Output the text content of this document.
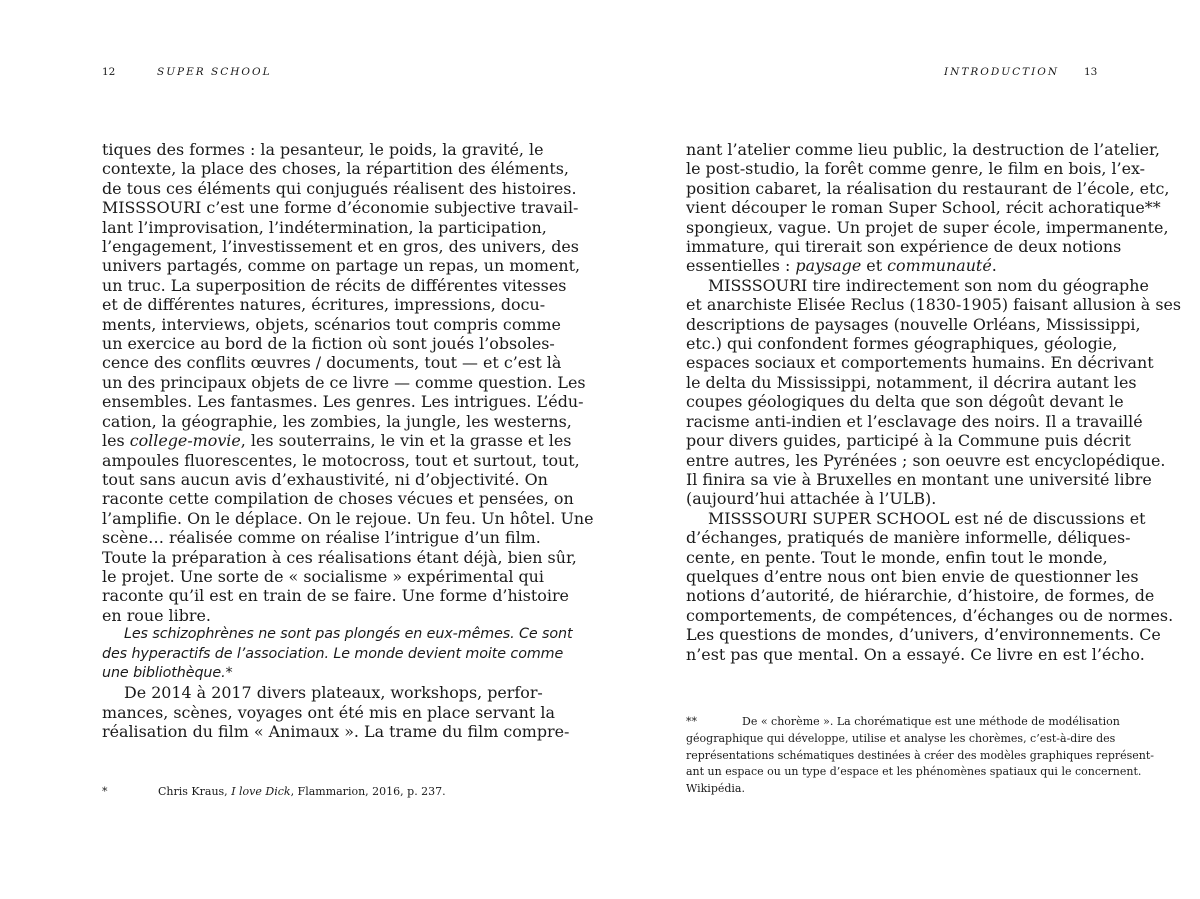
12	SUPER SCHOOL
tiques des formes : la pesanteur, le poids, la gravité, le
contexte, la place des choses, la répartition des éléments,
de tous ces éléments qui conjugués réalisent des histoires.
MISSSOURI c’est une forme d’économie subjective travail-
lant l’improvisation, l’indétermination, la participation,
l’engagement, l’investissement et en gros, des univers, des
univers partagés, comme on partage un repas, un moment,
un truc. La superposition de récits de différentes vitesses
et de différentes natures, écritures, impressions, docu-
ments, interviews, objets, scénarios tout compris comme
un exercice au bord de la fiction où sont joués l’obsoles-
cence des conflits œuvres / documents, tout — et c’est là
un des principaux objets de ce livre — comme question. Les
ensembles. Les fantasmes. Les genres. Les intrigues. L’édu-
cation, la géographie, les zombies, la jungle, les westerns,
les college-movie, les souterrains, le vin et la grasse et les
ampoules fluorescentes, le motocross, tout et surtout, tout,
tout sans aucun avis d’exhaustivité, ni d’objectivité. On
raconte cette compilation de choses vécues et pensées, on
l’amplifie. On le déplace. On le rejoue. Un feu. Un hôtel. Une
scène… réalisée comme on réalise l’intrigue d’un film.
Toute la préparation à ces réalisations étant déjà, bien sûr,
le projet. Une sorte de « socialisme » expérimental qui
raconte qu’il est en train de se faire. Une forme d’histoire
en roue libre.
Les schizophrènes ne sont pas plongés en eux-mêmes. Ce sont
des hyperactifs de l’association. Le monde devient moite comme
une bibliothèque.*
De 2014 à 2017 divers plateaux, workshops, perfor-
mances, scènes, voyages ont été mis en place servant la
réalisation du film « Animaux ». La trame du film compre-
*	Chris Kraus, I love Dick, Flammarion, 2016, p. 237.
INTRODUCTION 13
nant l’atelier comme lieu public, la destruction de l’atelier,
le post-studio, la forêt comme genre, le film en bois, l’ex-
position cabaret, la réalisation du restaurant de l’école, etc,
vient découper le roman Super School, récit achoratique**
spongieux, vague. Un projet de super école, impermanente,
immature, qui tirerait son expérience de deux notions
essentielles : paysage et communauté.
MISSSOURI tire indirectement son nom du géographe
et anarchiste Elisée Reclus (1830-1905) faisant allusion à ses
descriptions de paysages (nouvelle Orléans, Mississippi,
etc.) qui confondent formes géographiques, géologie,
espaces sociaux et comportements humains. En décrivant
le delta du Mississippi, notamment, il décrira autant les
coupes géologiques du delta que son dégoût devant le
racisme anti-indien et l’esclavage des noirs. Il a travaillé
pour divers guides, participé à la Commune puis décrit
entre autres, les Pyrénées ; son oeuvre est encyclopédique.
Il finira sa vie à Bruxelles en montant une université libre
(aujourd’hui attachée à l’ULB).
MISSSOURI SUPER SCHOOL est né de discussions et
d’échanges, pratiqués de manière informelle, déliques-
cente, en pente. Tout le monde, enfin tout le monde,
quelques d’entre nous ont bien envie de questionner les
notions d’autorité, de hiérarchie, d’histoire, de formes, de
comportements, de compétences, d’échanges ou de normes.
Les questions de mondes, d’univers, d’environnements. Ce
n’est pas que mental. On a essayé. Ce livre en est l’écho.
**	De « chorème ». La chorématique est une méthode de modélisation
géographique qui développe, utilise et analyse les chorèmes, c’est-à-dire des
représentations schématiques destinées à créer des modèles graphiques représent-
ant un espace ou un type d’espace et les phénomènes spatiaux qui le concernent.
Wikipédia.
